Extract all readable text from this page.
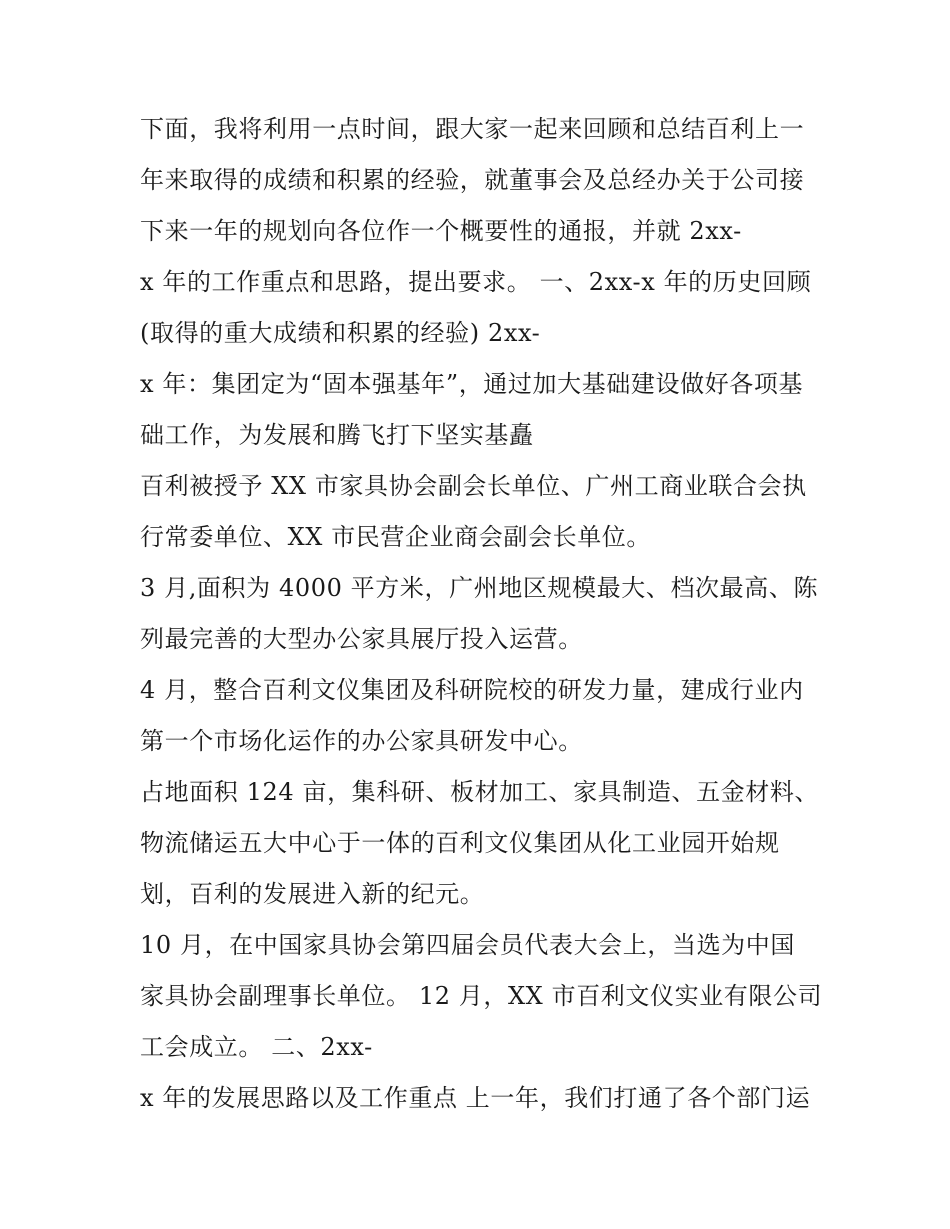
下面，我将利用一点时间，跟大家一起来回顾和总结百利上一
年来取得的成绩和积累的经验，就董事会及总经办关于公司接
下来一年的规划向各位作一个概要性的通报，并就 2xx-
x 年的工作重点和思路，提出要求。 一、2xx-x 年的历史回顾
(取得的重大成绩和积累的经验) 2xx-
x 年：集团定为“固本强基年”，通过加大基础建设做好各项基
础工作，为发展和腾飞打下坚实基矗
百利被授予 XX 市家具协会副会长单位、广州工商业联合会执
行常委单位、XX 市民营企业商会副会长单位。
3 月,面积为 4000 平方米，广州地区规模最大、档次最高、陈
列最完善的大型办公家具展厅投入运营。
4 月，整合百利文仪集团及科研院校的研发力量，建成行业内
第一个市场化运作的办公家具研发中心。
占地面积 124 亩，集科研、板材加工、家具制造、五金材料、
物流储运五大中心于一体的百利文仪集团从化工业园开始规
划，百利的发展进入新的纪元。
10 月，在中国家具协会第四届会员代表大会上，当选为中国
家具协会副理事长单位。 12 月，XX 市百利文仪实业有限公司
工会成立。 二、2xx-
x 年的发展思路以及工作重点 上一年，我们打通了各个部门运
